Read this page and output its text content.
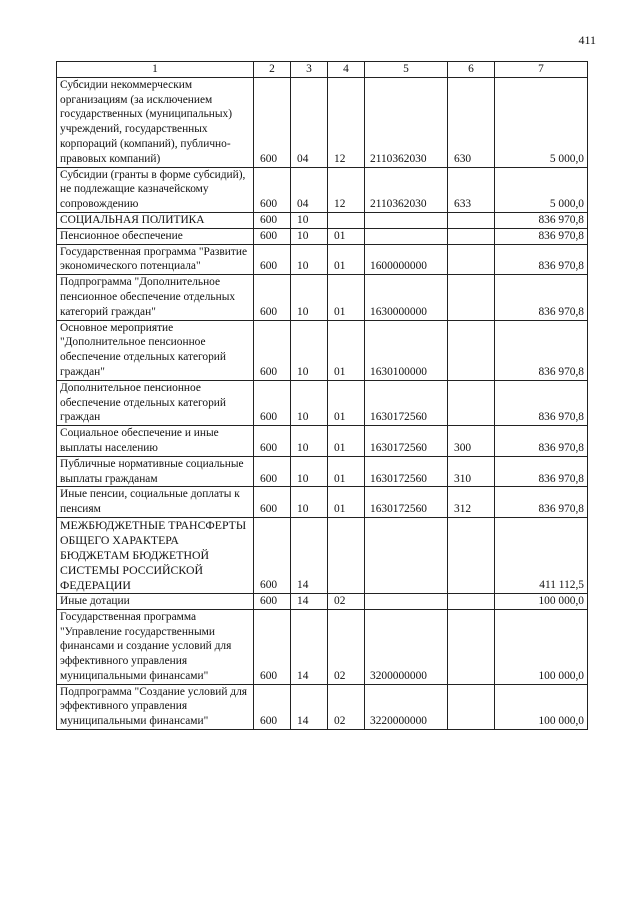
411
1	2	3	4	5	6	7
Субсидии некоммерческим организациям (за исключением государственных (муниципальных) учреждений, государственных корпораций (компаний), публично-правовых компаний)	600	04	12	2110362030	630	5 000,0
Субсидии (гранты в форме субсидий), не подлежащие казначейскому сопровождению	600	04	12	2110362030	633	5 000,0
СОЦИАЛЬНАЯ ПОЛИТИКА	600	10				836 970,8
Пенсионное обеспечение	600	10	01			836 970,8
Государственная программа "Развитие экономического потенциала"	600	10	01	1600000000		836 970,8
Подпрограмма "Дополнительное пенсионное обеспечение отдельных категорий граждан"	600	10	01	1630000000		836 970,8
Основное мероприятие "Дополнительное пенсионное обеспечение отдельных категорий граждан"	600	10	01	1630100000		836 970,8
Дополнительное пенсионное обеспечение отдельных категорий граждан	600	10	01	1630172560		836 970,8
Социальное обеспечение и иные выплаты населению	600	10	01	1630172560	300	836 970,8
Публичные нормативные социальные выплаты гражданам	600	10	01	1630172560	310	836 970,8
Иные пенсии, социальные доплаты к пенсиям	600	10	01	1630172560	312	836 970,8
МЕЖБЮДЖЕТНЫЕ ТРАНСФЕРТЫ ОБЩЕГО ХАРАКТЕРА БЮДЖЕТАМ БЮДЖЕТНОЙ СИСТЕМЫ РОССИЙСКОЙ ФЕДЕРАЦИИ	600	14				411 112,5
Иные дотации	600	14	02			100 000,0
Государственная программа "Управление государственными финансами и создание условий для эффективного управления муниципальными финансами"	600	14	02	3200000000		100 000,0
Подпрограмма "Создание условий для эффективного управления муниципальными финансами"	600	14	02	3220000000		100 000,0
